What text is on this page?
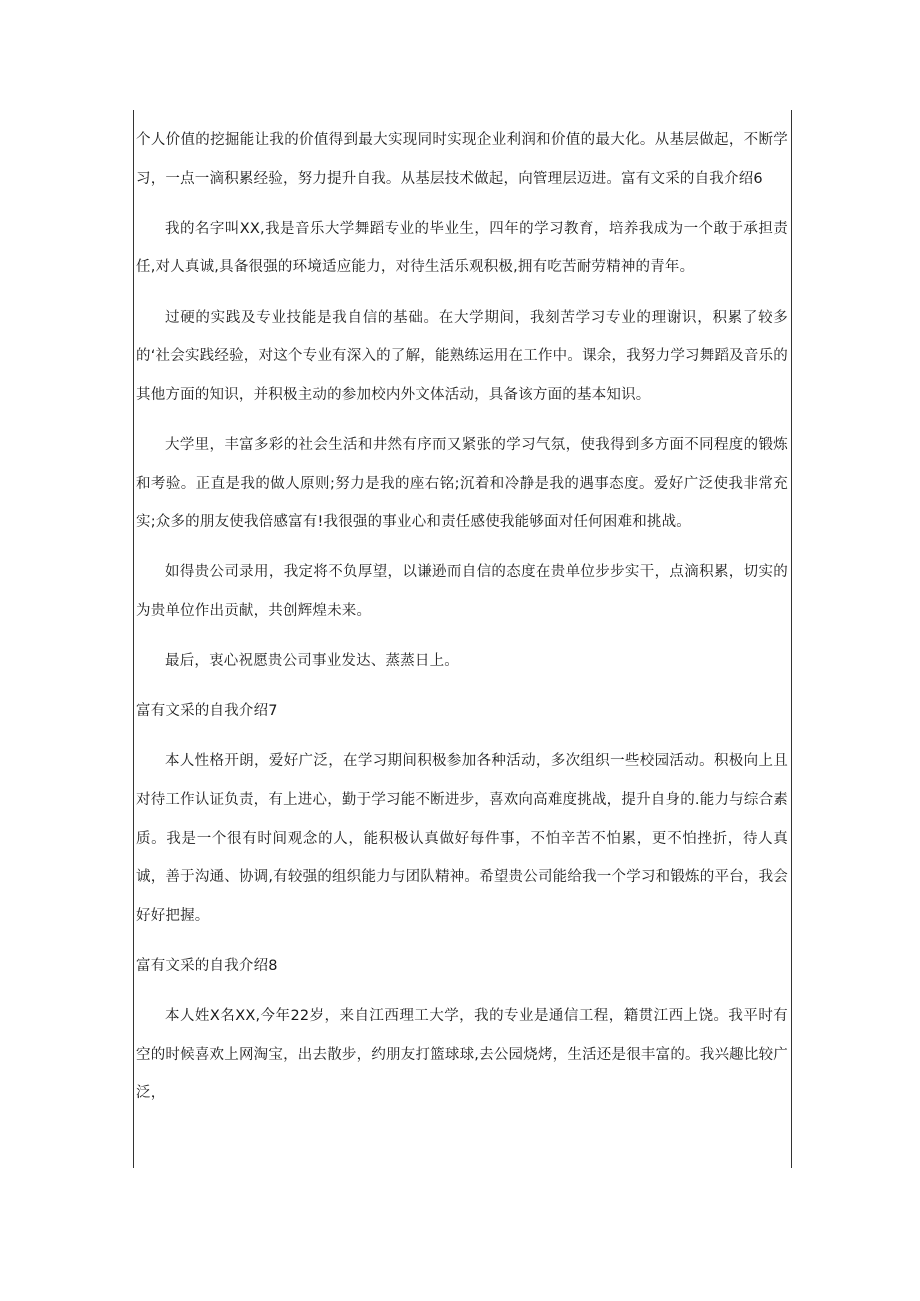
个人价值的挖掘能让我的价值得到最大实现同时实现企业利润和价值的最大化。从基层做起，不断学习，一点一滴积累经验，努力提升自我。从基层技术做起，向管理层迈进。富有文采的自我介绍6

我的名字叫XX,我是音乐大学舞蹈专业的毕业生，四年的学习教育，培养我成为一个敢于承担责任,对人真诚,具备很强的环境适应能力，对待生活乐观积极,拥有吃苦耐劳精神的青年。

过硬的实践及专业技能是我自信的基础。在大学期间，我刻苦学习专业的理谢识，积累了较多的‘社会实践经验，对这个专业有深入的了解，能熟练运用在工作中。课余，我努力学习舞蹈及音乐的其他方面的知识，并积极主动的参加校内外文体活动，具备该方面的基本知识。

大学里，丰富多彩的社会生活和井然有序而又紧张的学习气氛，使我得到多方面不同程度的锻炼和考验。正直是我的做人原则;努力是我的座右铭;沉着和冷静是我的遇事态度。爱好广泛使我非常充实;众多的朋友使我倍感富有!我很强的事业心和责任感使我能够面对任何困难和挑战。

如得贵公司录用，我定将不负厚望，以谦逊而自信的态度在贵单位步步实干，点滴积累，切实的为贵单位作出贡献，共创辉煌未来。

最后，衷心祝愿贵公司事业发达、蒸蒸日上。

富有文采的自我介绍7

本人性格开朗，爱好广泛，在学习期间积极参加各种活动，多次组织一些校园活动。积极向上且对待工作认证负责，有上进心，勤于学习能不断进步，喜欢向高难度挑战，提升自身的.能力与综合素质。我是一个很有时间观念的人，能积极认真做好每件事，不怕辛苦不怕累，更不怕挫折，待人真诚，善于沟通、协调,有较强的组织能力与团队精神。希望贵公司能给我一个学习和锻炼的平台，我会好好把握。

富有文采的自我介绍8

本人姓X名XX,今年22岁，来自江西理工大学，我的专业是通信工程，籍贯江西上饶。我平时有空的时候喜欢上网淘宝，出去散步，约朋友打篮球球,去公园烧烤，生活还是很丰富的。我兴趣比较广泛，
